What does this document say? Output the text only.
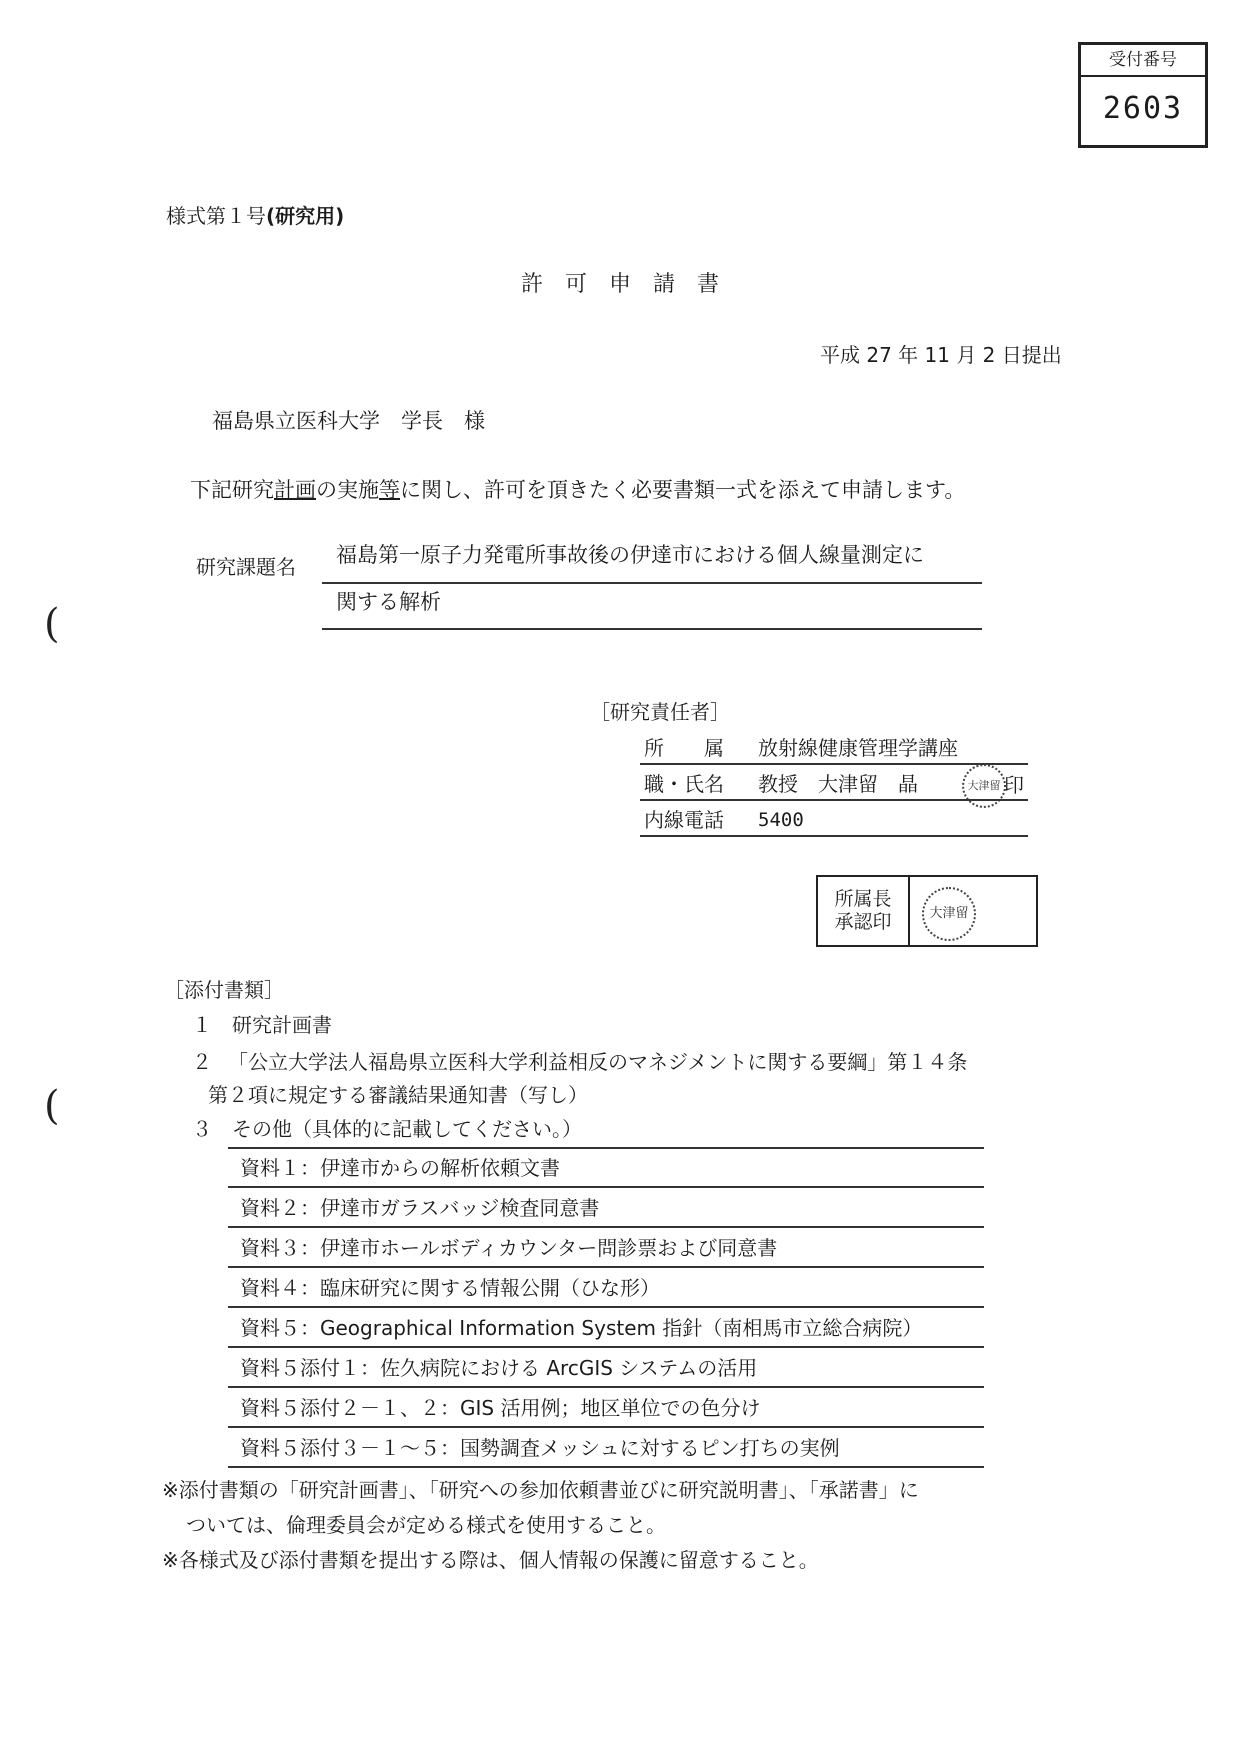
受付番号
2603
様式第１号(研究用)
許　可　申　請　書
平成 27 年 11 月 2 日提出
福島県立医科大学　学長　様
下記研究計画の実施等に関し、許可を頂きたく必要書類一式を添えて申請します。
研究課題名 福島第一原子力発電所事故後の伊達市における個人線量測定に
関する解析
［研究責任者］
所　　属 放射線健康管理学講座
職・氏名 教授　大津留　晶	大津留 印
内線電話 5400
所属長
承認印	大津留
［添付書類］
１ 研究計画書
２ 「公立大学法人福島県立医科大学利益相反のマネジメントに関する要綱」第１４条
第２項に規定する審議結果通知書（写し）
３ その他（具体的に記載してください。）
資料１：伊達市からの解析依頼文書
資料２：伊達市ガラスバッジ検査同意書
資料３：伊達市ホールボディカウンター問診票および同意書
資料４：臨床研究に関する情報公開（ひな形）
資料５：Geographical Information System 指針（南相馬市立総合病院）
資料５添付１：佐久病院における ArcGIS システムの活用
資料５添付２－１、２：GIS 活用例；地区単位での色分け
資料５添付３－１～５：国勢調査メッシュに対するピン打ちの実例
※添付書類の「研究計画書」、「研究への参加依頼書並びに研究説明書」、「承諾書」に
ついては、倫理委員会が定める様式を使用すること。
※各様式及び添付書類を提出する際は、個人情報の保護に留意すること。
(
(
